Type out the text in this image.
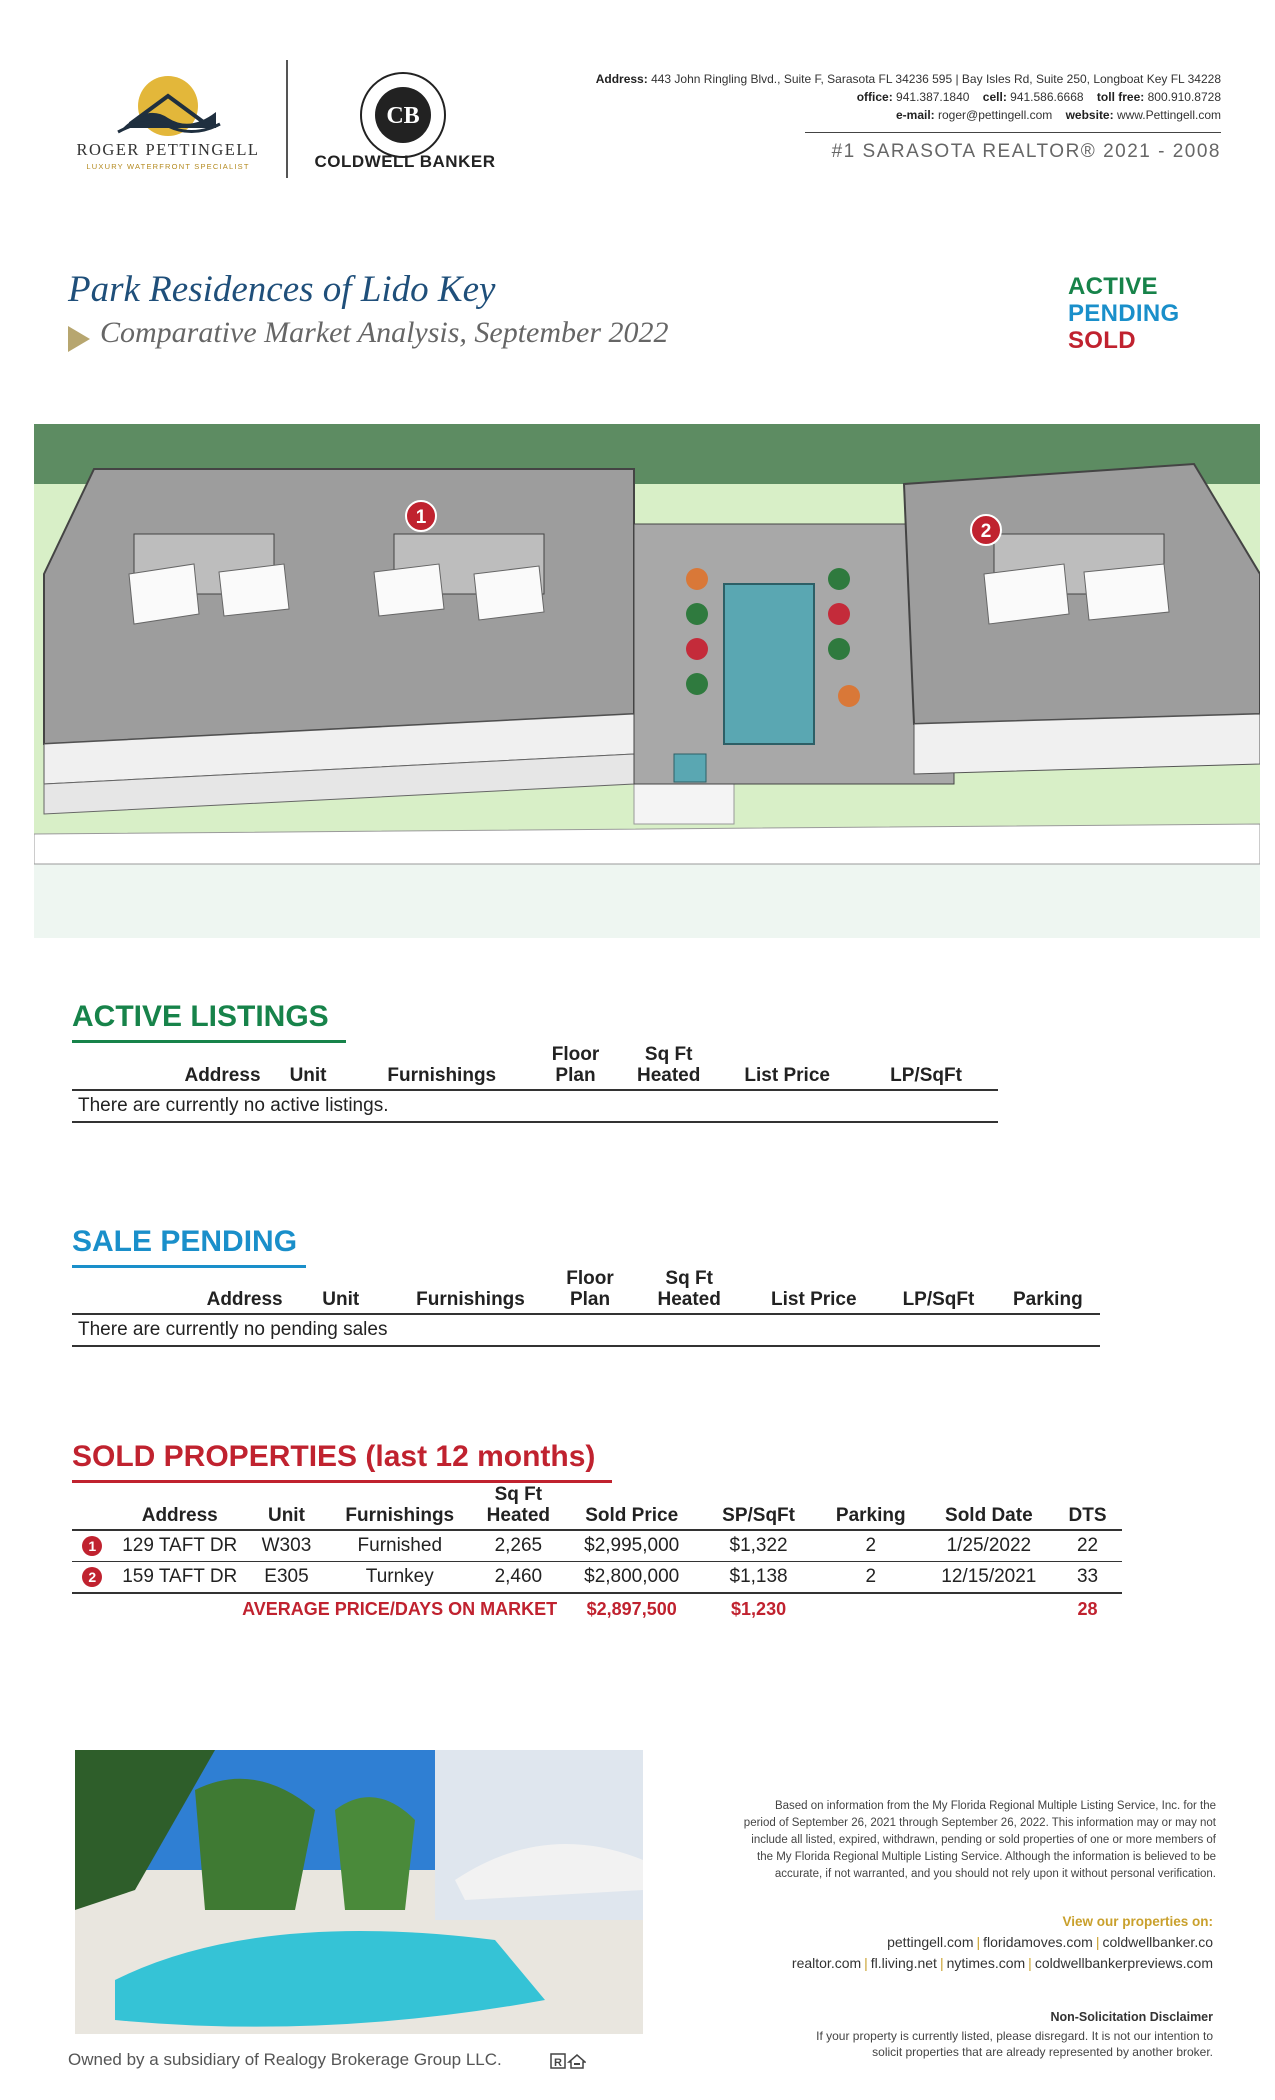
ROGER PETTINGELL
LUXURY WATERFRONT SPECIALIST
CB
COLDWELL BANKER
Address: 443 John Ringling Blvd., Suite F, Sarasota FL 34236 595 | Bay Isles Rd, Suite 250, Longboat Key FL 34228
office: 941.387.1840 cell: 941.586.6668 toll free: 800.910.8728
e-mail: roger@pettingell.com website: www.Pettingell.com
#1 SARASOTA REALTOR® 2021 - 2008
Park Residences of Lido Key
Comparative Market Analysis, September 2022
ACTIVE
PENDING
SOLD
1
2
ACTIVE LISTINGS
Address	Unit	Furnishings	Floor Plan	Sq Ft Heated	List Price	LP/SqFt
There are currently no active listings.
SALE PENDING
Address	Unit	Furnishings	Floor Plan	Sq Ft Heated	List Price	LP/SqFt	Parking
There are currently no pending sales
SOLD PROPERTIES (last 12 months)
	Address	Unit	Furnishings	Sq Ft Heated	Sold Price	SP/SqFt	Parking	Sold Date	DTS
1	129 TAFT DR	W303	Furnished	2,265	$2,995,000	$1,322	2	1/25/2022	22
2	159 TAFT DR	E305	Turnkey	2,460	$2,800,000	$1,138	2	12/15/2021	33
AVERAGE PRICE/DAYS ON MARKET					$2,897,500	$1,230			28
Based on information from the My Florida Regional Multiple Listing Service, Inc. for the period of September 26, 2021 through September 26, 2022. This information may or may not include all listed, expired, withdrawn, pending or sold properties of one or more members of the My Florida Regional Multiple Listing Service. Although the information is believed to be accurate, if not warranted, and you should not rely upon it without personal verification.
View our properties on:
pettingell.com | floridamoves.com | coldwellbanker.co
realtor.com | fl.living.net | nytimes.com | coldwellbankerpreviews.com
Non-Solicitation Disclaimer
If your property is currently listed, please disregard. It is not our intention to solicit properties that are already represented by another broker.
Owned by a subsidiary of Realogy Brokerage Group LLC.	R
